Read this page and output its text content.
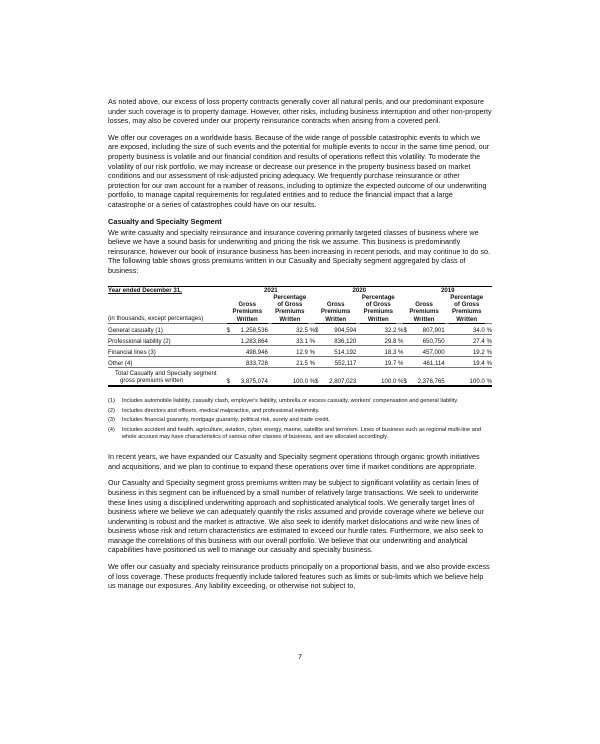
As noted above, our excess of loss property contracts generally cover all natural perils, and our predominant exposure under such coverage is to property damage. However, other risks, including business interruption and other non-property losses, may also be covered under our property reinsurance contracts when arising from a covered peril.

We offer our coverages on a worldwide basis. Because of the wide range of possible catastrophic events to which we are exposed, including the size of such events and the potential for multiple events to occur in the same time period, our property business is volatile and our financial condition and results of operations reflect this volatility. To moderate the volatility of our risk portfolio, we may increase or decrease our presence in the property business based on market conditions and our assessment of risk-adjusted pricing adequacy. We frequently purchase reinsurance or other protection for our own account for a number of reasons, including to optimize the expected outcome of our underwriting portfolio, to manage capital requirements for regulated entities and to reduce the financial impact that a large catastrophe or a series of catastrophes could have on our results.

Casualty and Specialty Segment

We write casualty and specialty reinsurance and insurance covering primarily targeted classes of business where we believe we have a sound basis for underwriting and pricing the risk we assume. This business is predominantly reinsurance, however our book of insurance business has been increasing in recent periods, and may continue to do so. The following table shows gross premiums written in our Casualty and Specialty segment aggregated by class of business:

Year ended December 31,	2021					2020					2019				
				Percentage					Percentage					Percentage	
	Gross			of Gross		Gross			of Gross		Gross			of Gross	
	Premiums			Premiums		Premiums			Premiums		Premiums			Premiums	
(in thousands, except percentages)	Written			Written		Written			Written		Written			Written	
General casualty (1)	$	1,258,536		32.5	%	$	904,594		32.2	%	$	807,901		34.0	%
Professional liability (2)		1,283,864		33.1	%		836,120		29.8	%		650,750		27.4	%
Financial lines (3)		498,946		12.9	%		514,192		18.3	%		457,000		19.2	%
Other (4)		833,728		21.5	%		552,117		19.7	%		461,114		19.4	%

Total Casualty and Specialty segment
gross premiums written	$	3,875,074		100.0	%	$	2,807,023		100.0	%	$	2,376,765		100.0	%
(1)	Includes automobile liability, casualty clash, employer's liability, umbrella or excess casualty, workers' compensation and general liability.
(2)	Includes directors and officers, medical malpractice, and professional indemnity.
(3)	Includes financial guaranty, mortgage guaranty, political risk, surety and trade credit.
(4)	Includes accident and health, agriculture, aviation, cyber, energy, marine, satellite and terrorism. Lines of business such as regional multi-line and whole account may have characteristics of various other classes of business, and are allocated accordingly.

In recent years, we have expanded our Casualty and Specialty segment operations through organic growth initiatives and acquisitions, and we plan to continue to expand these operations over time if market conditions are appropriate.

Our Casualty and Specialty segment gross premiums written may be subject to significant volatility as certain lines of business in this segment can be influenced by a small number of relatively large transactions. We seek to underwrite these lines using a disciplined underwriting approach and sophisticated analytical tools. We generally target lines of business where we believe we can adequately quantify the risks assumed and provide coverage where we believe our underwriting is robust and the market is attractive. We also seek to identify market dislocations and write new lines of business whose risk and return characteristics are estimated to exceed our hurdle rates. Furthermore, we also seek to manage the correlations of this business with our overall portfolio. We believe that our underwriting and analytical capabilities have positioned us well to manage our casualty and specialty business.

We offer our casualty and specialty reinsurance products principally on a proportional basis, and we also provide excess of loss coverage. These products frequently include tailored features such as limits or sub-limits which we believe help us manage our exposures. Any liability exceeding, or otherwise not subject to,

7
